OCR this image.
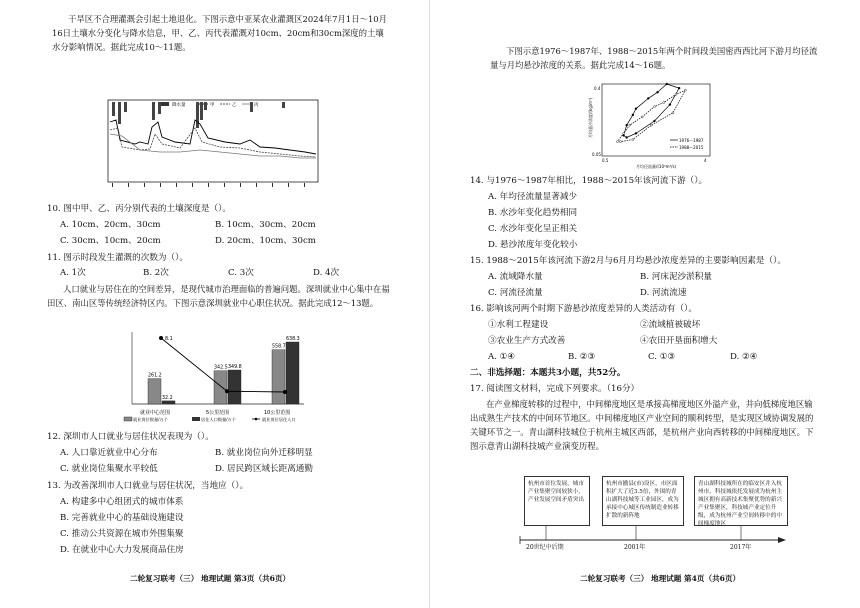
干旱区不合理灌溉会引起土地退化。下图示意中亚某农业灌溉区2024年7月1日～10月16日土壤水分变化与降水信息，甲、乙、丙代表灌溉对10cm、20cm和30cm深度的土壤水分影响情况。据此完成10～11题。
降水量	甲	乙	丙
10. 图中甲、乙、丙分别代表的土壤深度是（）。
A. 10cm、20cm、30cm	B. 10cm、30cm、20cm
C. 30cm、10cm、20cm	D. 20cm、10cm、30cm
11. 图示时段发生灌溉的次数为（）。
A. 1次	B. 2次	C. 3次	D. 4次
人口就业与居住在的空间差异，是现代城市治理面临的普遍问题。深圳就业中心集中在福田区、南山区等传统经济特区内。下图示意深圳就业中心职住状况。据此完成12～13题。
261.2
342.5
558.7
32.2
349.8
638.3
8.1
就业中心范围	5公里范围	10公里范围
就业岗位数量/万个	居住人口数量/万个	就业岗位居住人口
12. 深圳市人口就业与居住状况表现为（）。
A. 人口靠近就业中心分布	B. 就业岗位向外迁移明显
C. 就业岗位集聚水平较低	D. 居民跨区域长距离通勤
13. 为改善深圳市人口就业与居住状况，当地应（）。
A. 构建多中心组团式的城市体系
B. 完善就业中心的基础设施建设
C. 推动公共资源在城市外围集聚
D. 在就业中心大力发展商品住房
二轮复习联考（三） 地理试题 第3页（共6页）
下图示意1976～1987年、1988～2015年两个时间段美国密西西比河下游月均径流量与月均悬沙浓度的关系。据此完成14～16题。
1976～1987
1988～2015
0.4
0.05
0.5	4
月均径流量/(10⁴m³/s)
月均悬沙浓度/(kg/m³)
14. 与1976～1987年相比，1988～2015年该河流下游（）。
A. 年均径流量显著减少
B. 水沙年变化趋势相同
C. 水沙年变化呈正相关
D. 悬沙浓度年变化较小
15. 1988～2015年该河流下游2月与6月月均悬沙浓度差异的主要影响因素是（）。
A. 流域降水量	B. 河床泥沙淤积量
C. 河流径流量	D. 河流流速
16. 影响该河两个时期下游悬沙浓度差异的人类活动有（）。
①水利工程建设	②流域植被破坏
③农业生产方式改善	④农田开垦面积增大
A. ①④	B. ②③	C. ①③	D. ②④
二、非选择题：本题共3小题，共52分。
17. 阅读图文材料，完成下列要求。（16分）
在产业梯度转移的过程中，中间梯度地区是承接高梯度地区外溢产业，并向低梯度地区输出成熟生产技术的中间环节地区。中间梯度地区产业空间的顺利转型，是实现区域协调发展的关键环节之一。青山湖科技城位于杭州主城区西部，是杭州产业向西转移的中间梯度地区。下图示意青山湖科技城产业演变历程。
杭州市首位发展，城市产业集聚空间较狭小，产业发展空间矛盾突出
杭州市撤县(市)设区，市区面积扩大了近3.5倍，外围的青山湖科技城等工业园区，成为承接中心城区传统制造业转移扩散的新阵地
青山湖科技城所在的临安区并入杭州市，科技城依托发展成为杭州主城区拥有高新技术集聚优势的新兴产业集聚区，科技城产业定位升级，成为杭州产业空间转移中的中间梯度地区
20世纪中后期	2001年	2017年
二轮复习联考（三） 地理试题 第4页（共6页）
